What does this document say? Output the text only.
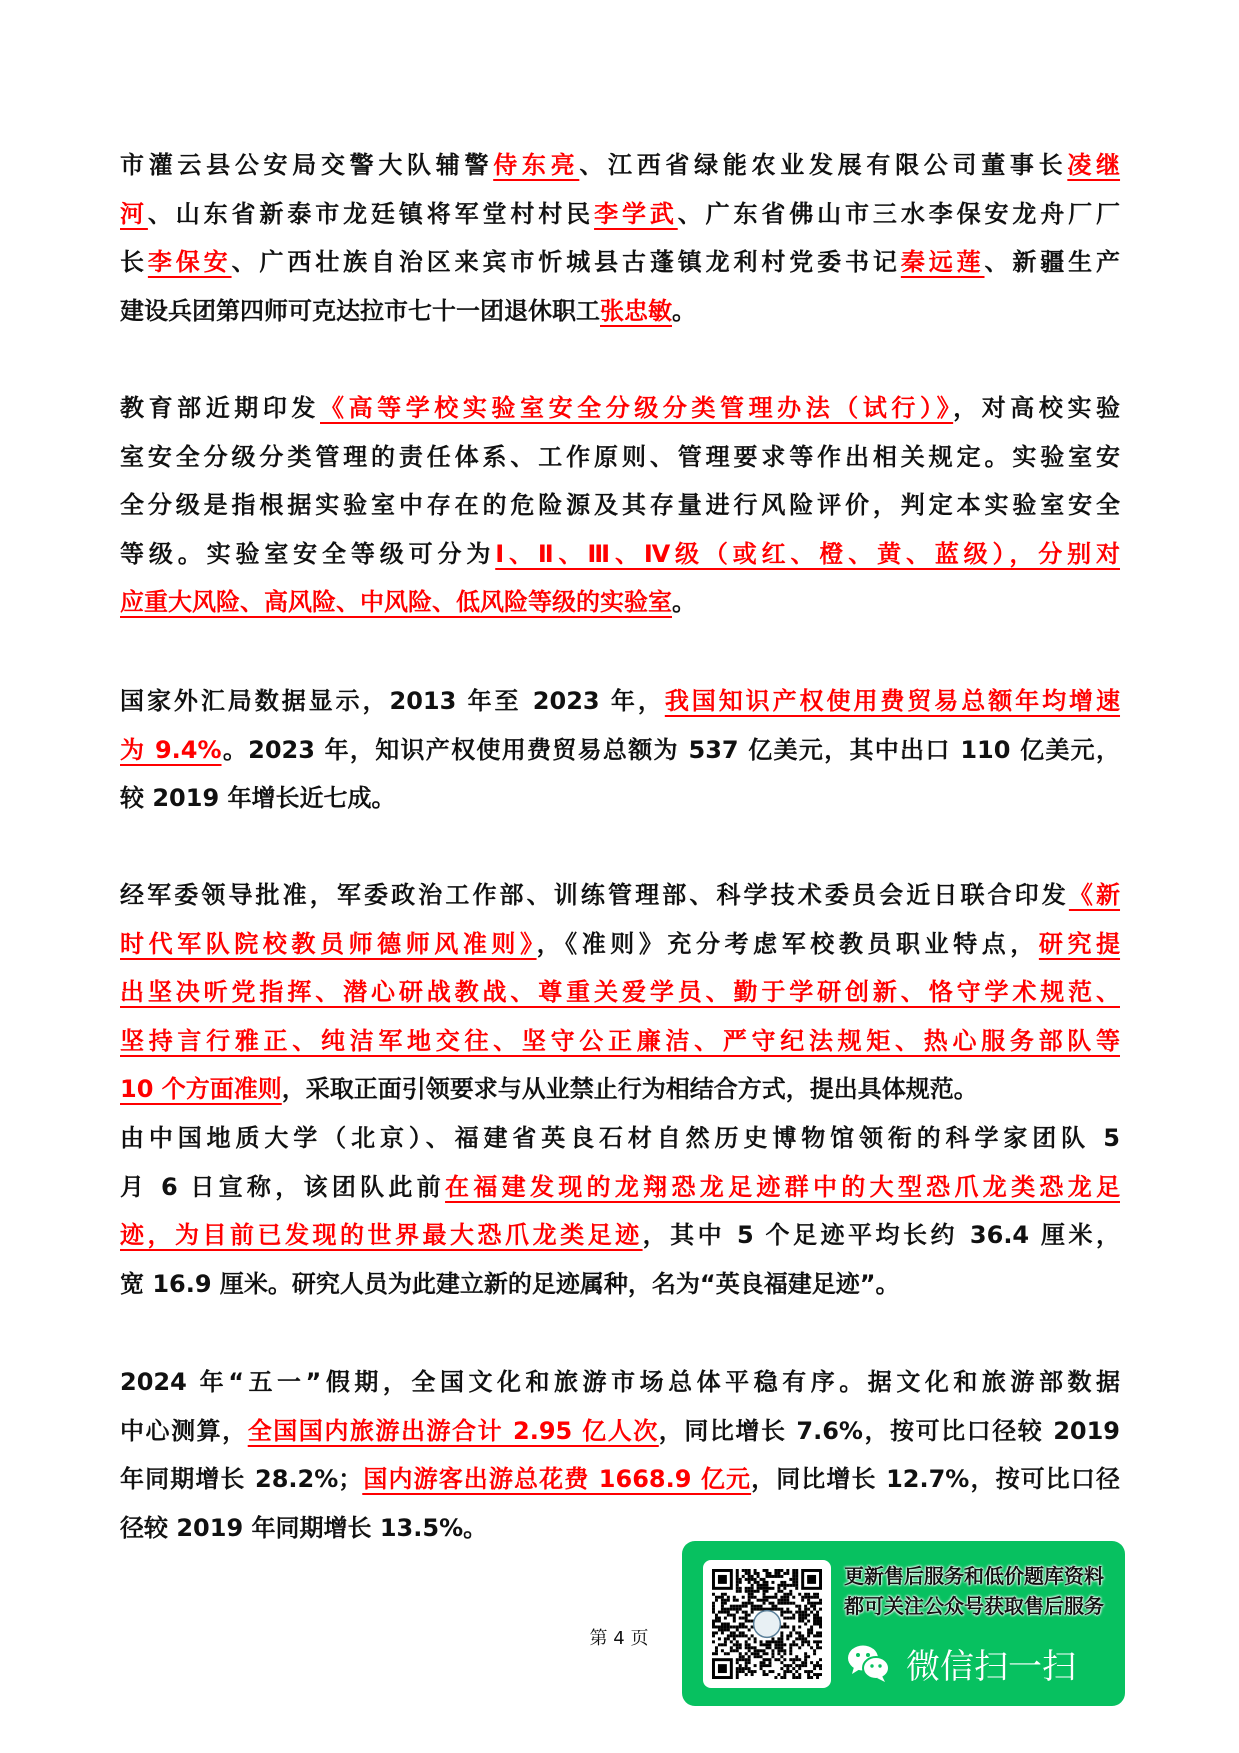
市灌云县公安局交警大队辅警侍东亮、江西省绿能农业发展有限公司董事长凌继
河、山东省新泰市龙廷镇将军堂村村民李学武、广东省佛山市三水李保安龙舟厂厂
长李保安、广西壮族自治区来宾市忻城县古蓬镇龙利村党委书记秦远莲、新疆生产
建设兵团第四师可克达拉市七十一团退休职工张忠敏。
教育部近期印发《高等学校实验室安全分级分类管理办法（试行）》，对高校实验
室安全分级分类管理的责任体系、工作原则、管理要求等作出相关规定。实验室安
全分级是指根据实验室中存在的危险源及其存量进行风险评价，判定本实验室安全
等级。实验室安全等级可分为Ⅰ、Ⅱ、Ⅲ、Ⅳ级（或红、橙、黄、蓝级），分别对
应重大风险、高风险、中风险、低风险等级的实验室。
国家外汇局数据显示，2013 年至 2023 年，我国知识产权使用费贸易总额年均增速
为 9.4%。2023 年，知识产权使用费贸易总额为 537 亿美元，其中出口 110 亿美元，
较 2019 年增长近七成。
经军委领导批准，军委政治工作部、训练管理部、科学技术委员会近日联合印发《新
时代军队院校教员师德师风准则》，《准则》充分考虑军校教员职业特点，研究提
出坚决听党指挥、潜心研战教战、尊重关爱学员、勤于学研创新、恪守学术规范、
坚持言行雅正、纯洁军地交往、坚守公正廉洁、严守纪法规矩、热心服务部队等
10 个方面准则，采取正面引领要求与从业禁止行为相结合方式，提出具体规范。
由中国地质大学（北京）、福建省英良石材自然历史博物馆领衔的科学家团队 5
月 6 日宣称，该团队此前在福建发现的龙翔恐龙足迹群中的大型恐爪龙类恐龙足
迹，为目前已发现的世界最大恐爪龙类足迹，其中 5 个足迹平均长约 36.4 厘米，
宽 16.9 厘米。研究人员为此建立新的足迹属种，名为“英良福建足迹”。
2024 年“五一”假期，全国文化和旅游市场总体平稳有序。据文化和旅游部数据
中心测算，全国国内旅游出游合计 2.95 亿人次，同比增长 7.6%，按可比口径较 2019
年同期增长 28.2%；国内游客出游总花费 1668.9 亿元，同比增长 12.7%，按可比口径
径较 2019 年同期增长 13.5%。
第 4 页
更新售后服务和低价题库资料
都可关注公众号获取售后服务
微信扫一扫
